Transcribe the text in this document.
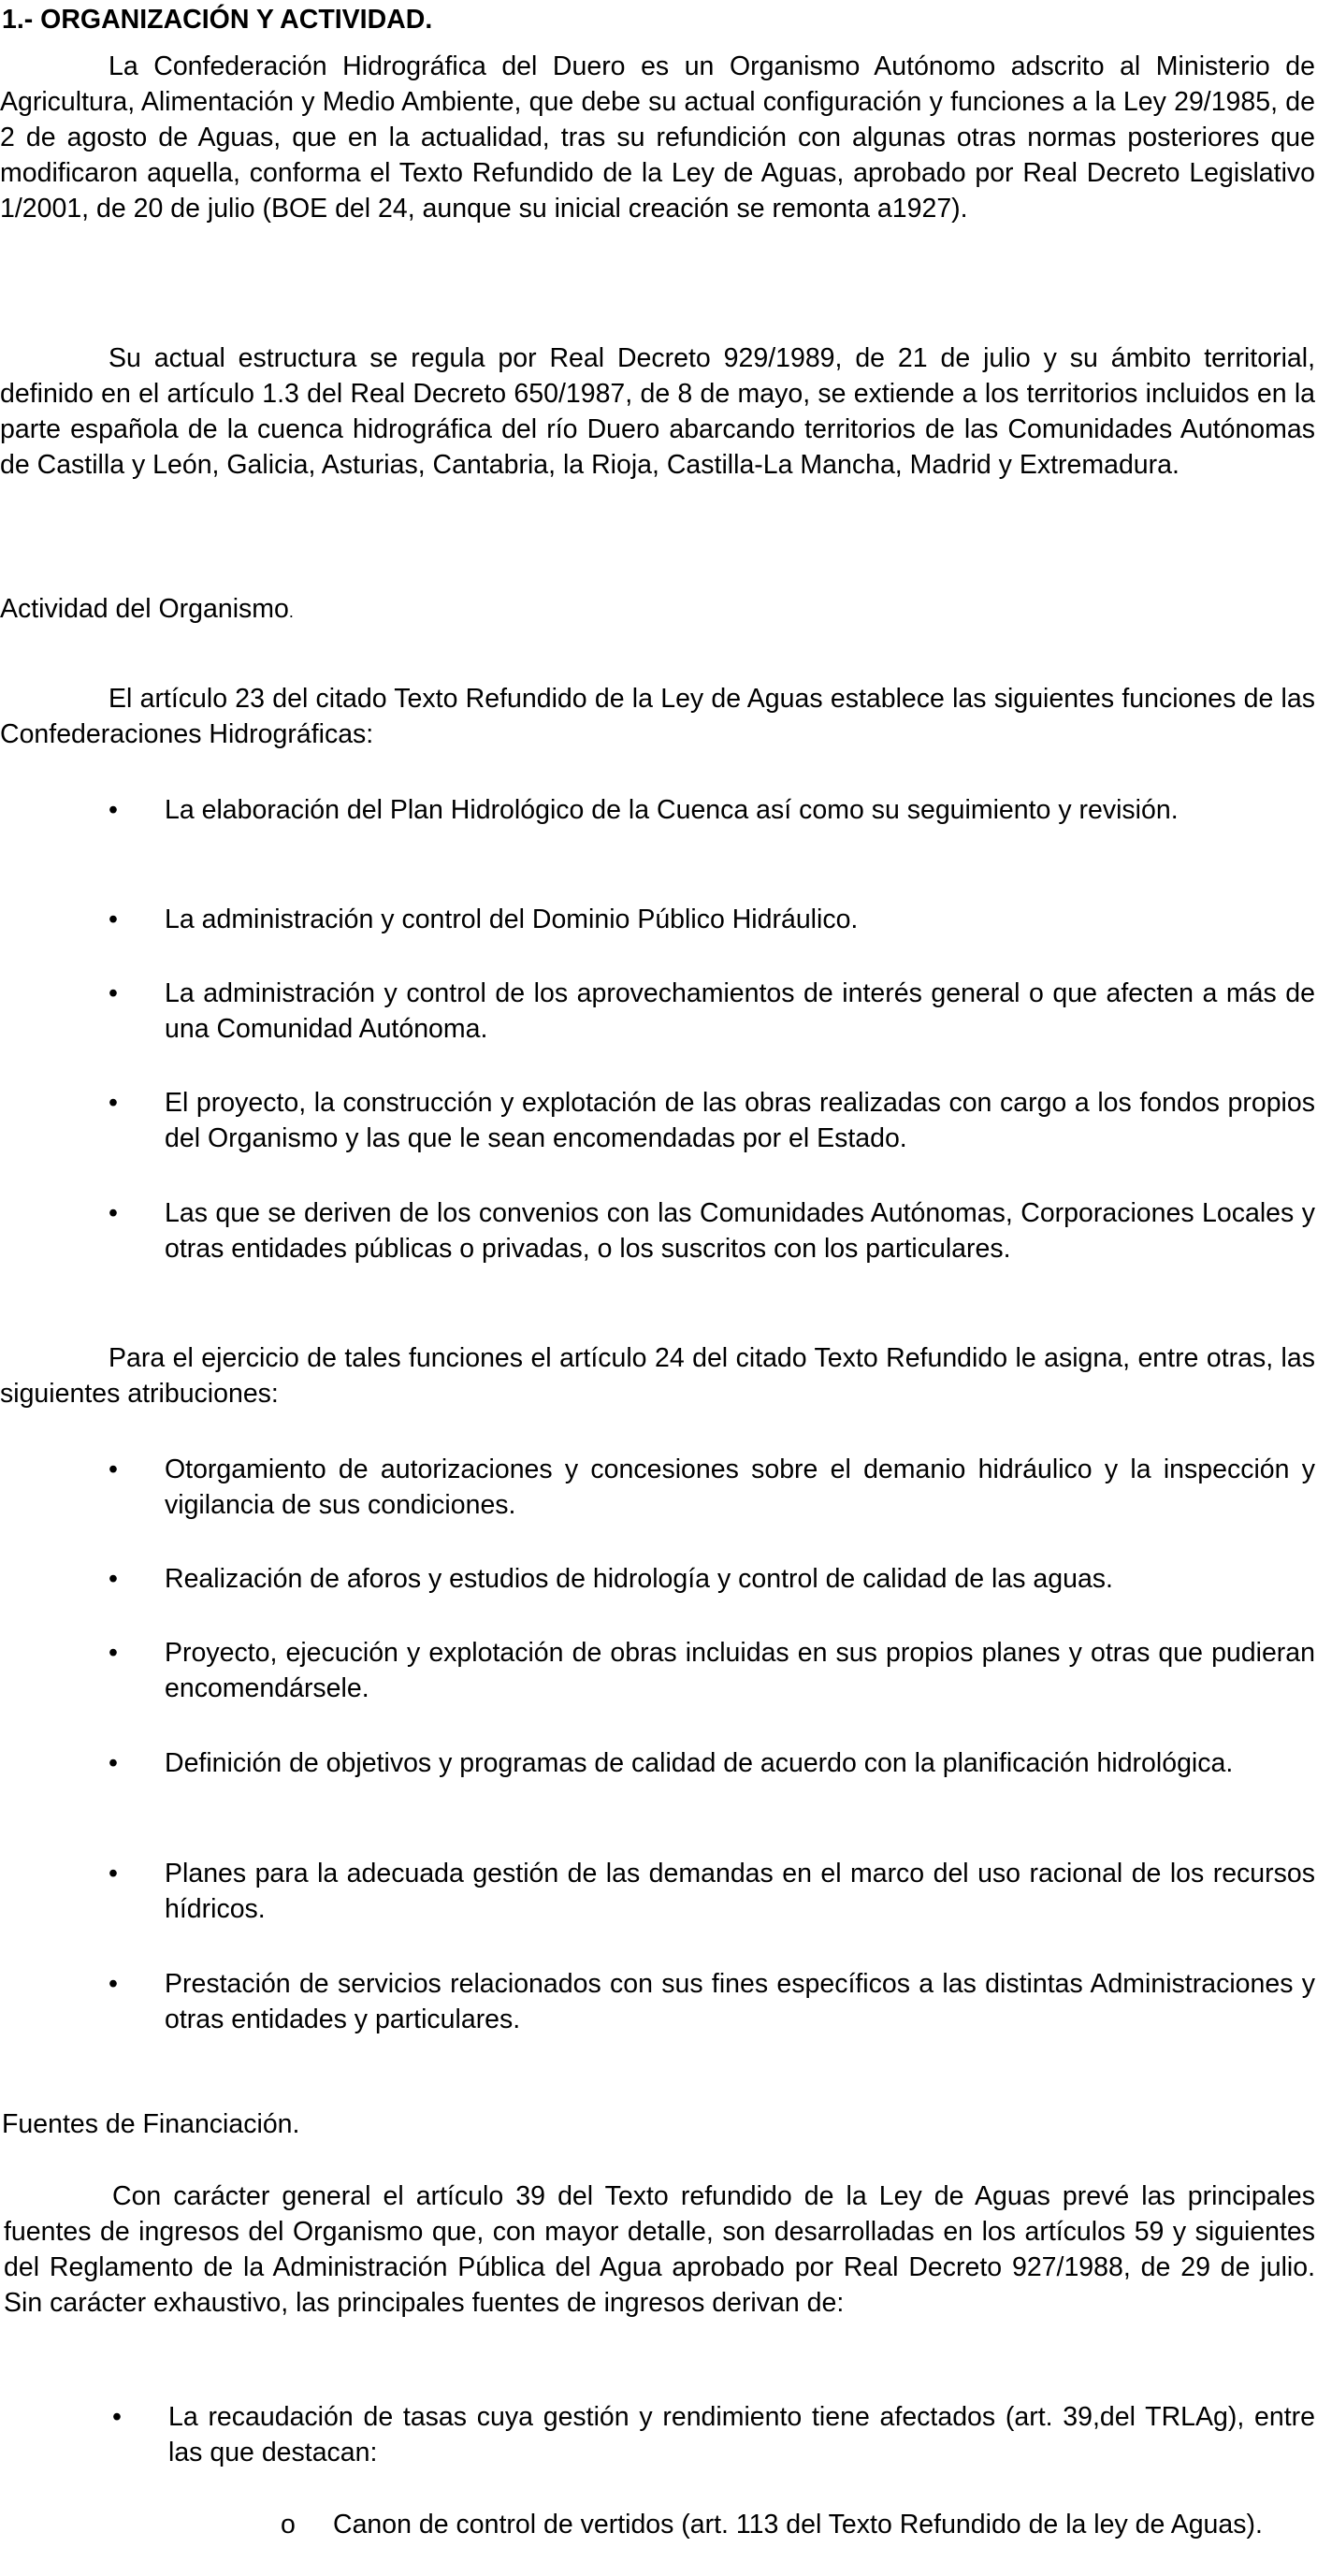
1.- ORGANIZACIÓN Y ACTIVIDAD.

La Confederación Hidrográfica del Duero es un Organismo Autónomo adscrito al Ministerio de Agricultura, Alimentación y Medio Ambiente, que debe su actual configuración y funciones a la Ley 29/1985, de 2 de agosto de Aguas, que en la actualidad, tras su refundición con algunas otras normas posteriores que modificaron aquella, conforma el Texto Refundido de la Ley de Aguas, aprobado por Real Decreto Legislativo 1/2001, de 20 de julio (BOE del 24, aunque su inicial creación se remonta a1927).

Su actual estructura se regula por Real Decreto 929/1989, de 21 de julio y su ámbito territorial, definido en el artículo 1.3 del Real Decreto 650/1987, de 8 de mayo, se extiende a los territorios incluidos en la parte española de la cuenca hidrográfica del río Duero abarcando territorios de las Comunidades Autónomas de Castilla y León, Galicia, Asturias, Cantabria, la Rioja, Castilla-La Mancha, Madrid y Extremadura.

Actividad del Organismo.

El artículo 23 del citado Texto Refundido de la Ley de Aguas establece las siguientes funciones de las Confederaciones Hidrográficas:

• La elaboración del Plan Hidrológico de la Cuenca así como su seguimiento y revisión.
• La administración y control del Dominio Público Hidráulico.
• La administración y control de los aprovechamientos de interés general o que afecten a más de una Comunidad Autónoma.
• El proyecto, la construcción y explotación de las obras realizadas con cargo a los fondos propios del Organismo y las que le sean encomendadas por el Estado.
• Las que se deriven de los convenios con las Comunidades Autónomas, Corporaciones Locales y otras entidades públicas o privadas, o los suscritos con los particulares.

Para el ejercicio de tales funciones el artículo 24 del citado Texto Refundido le asigna, entre otras, las siguientes atribuciones:

• Otorgamiento de autorizaciones y concesiones sobre el demanio hidráulico y la inspección y vigilancia de sus condiciones.
• Realización de aforos y estudios de hidrología y control de calidad de las aguas.
• Proyecto, ejecución y explotación de obras incluidas en sus propios planes y otras que pudieran encomendársele.
• Definición de objetivos y programas de calidad de acuerdo con la planificación hidrológica.
• Planes para la adecuada gestión de las demandas en el marco del uso racional de los recursos hídricos.
• Prestación de servicios relacionados con sus fines específicos a las distintas Administraciones y otras entidades y particulares.
Fuentes de Financiación.

Con carácter general el artículo 39 del Texto refundido de la Ley de Aguas prevé las principales fuentes de ingresos del Organismo que, con mayor detalle, son desarrolladas en los artículos 59 y siguientes del Reglamento de la Administración Pública del Agua aprobado por Real Decreto 927/1988, de 29 de julio. Sin carácter exhaustivo, las principales fuentes de ingresos derivan de:

• La recaudación de tasas cuya gestión y rendimiento tiene afectados (art. 39,del TRLAg), entre las que destacan:
o Canon de control de vertidos (art. 113 del Texto Refundido de la ley de Aguas).
